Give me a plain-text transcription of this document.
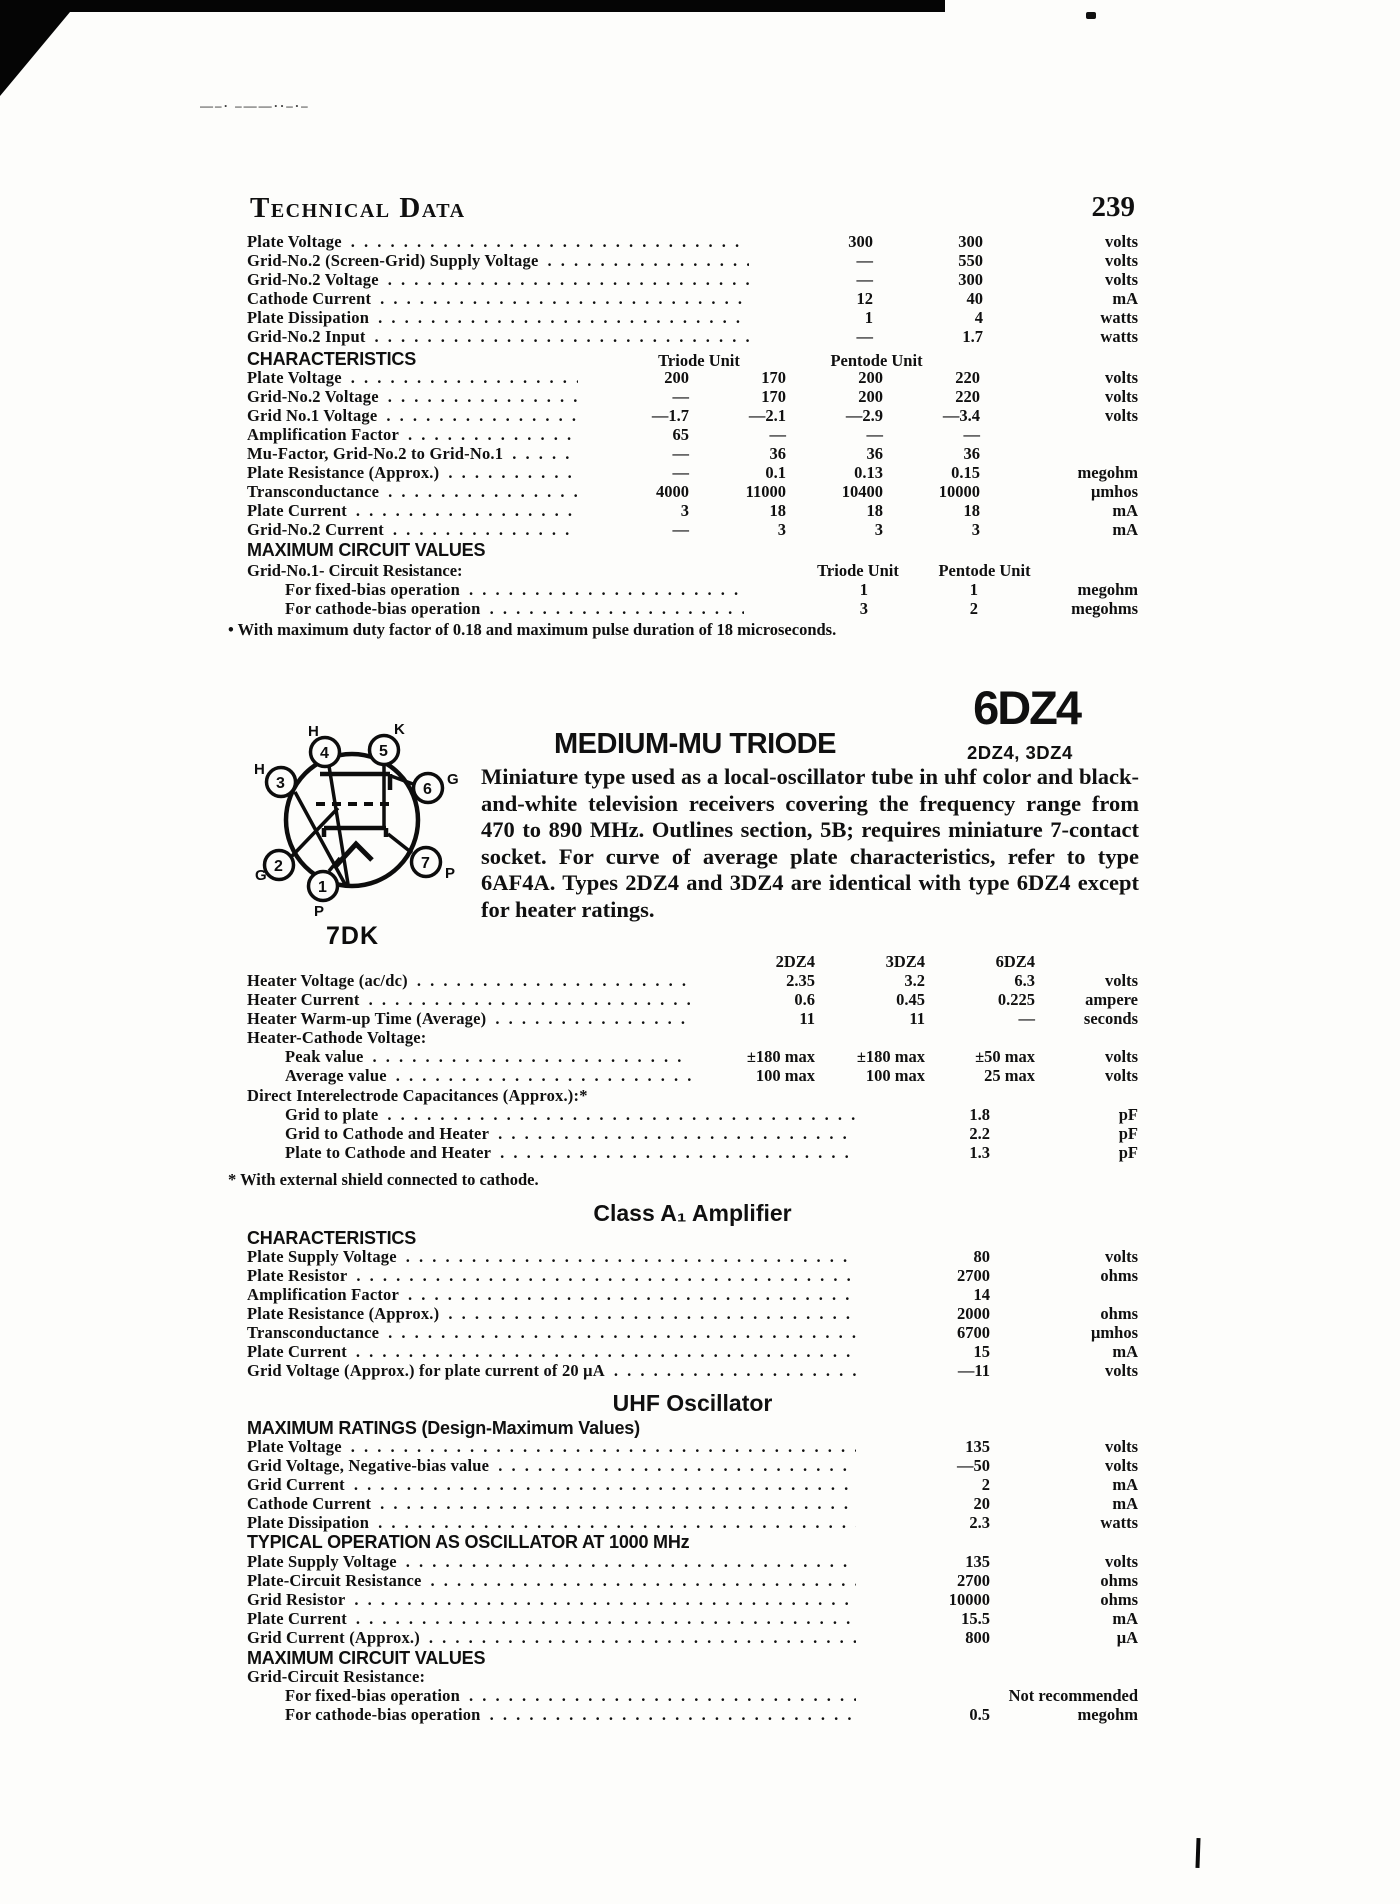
—–· –
Technical Data	239
Plate Voltage . . .	300	300	volts
Grid-No.2 (Screen-Grid) Supply Voltage . . .	—	550	volts
Grid-No.2 Voltage . . .	—	300	volts
Cathode Current . . .	12	40	mA
Plate Dissipation . . .	1	4	watts
Grid-No.2 Input . . .	—	1.7	watts
CHARACTERISTICS	Triode Unit	Pentode Unit
Plate Voltage . . .	200	170	200	220	volts
Grid-No.2 Voltage . . .	—	170	200	220	volts
Grid No.1 Voltage . . .	—1.7	—2.1	—2.9	—3.4	volts
Amplification Factor . . .	65	—	—	—
Mu-Factor, Grid-No.2 to Grid-No.1 . . .	—	36	36	36
Plate Resistance (Approx.) . . .	—	0.1	0.13	0.15	megohm
Transconductance . . .	4000	11000	10400	10000	μmhos
Plate Current . . .	3	18	18	18	mA
Grid-No.2 Current . . .	—	3	3	3	mA
MAXIMUM CIRCUIT VALUES
Grid-No.1- Circuit Resistance:	Triode Unit	Pentode Unit
For fixed-bias operation . . .	1	1	megohm
For cathode-bias operation . . .	3	2	megohms
• With maximum duty factor of 0.18 and maximum pulse duration of 18 microseconds.
6DZ4
MEDIUM-MU TRIODE	2DZ4, 3DZ4
Miniature type used as a local-oscillator tube in uhf color and black-and-white television receivers covering the frequency range from 470 to 890 MHz. Outlines section, 5B; requires miniature 7-contact socket. For curve of average plate characteristics, refer to type 6AF4A. Types 2DZ4 and 3DZ4 are identical with type 6DZ4 except for heater ratings.
4	5
3	6
2	7
1
H	K
H
G
G	P
P
7DK
2DZ4	3DZ4	6DZ4
Heater Voltage (ac/dc) . . .	2.35	3.2	6.3	volts
Heater Current . . .	0.6	0.45	0.225	ampere
Heater Warm-up Time (Average) . . .	11	11	—	seconds
Heater-Cathode Voltage:
Peak value . . .	±180 max	±180 max	±50 max	volts
Average value . . .	100 max	100 max	25 max	volts
Direct Interelectrode Capacitances (Approx.):*
Grid to plate . . .	1.8	pF
Grid to Cathode and Heater . . .	2.2	pF
Plate to Cathode and Heater . . .	1.3	pF
* With external shield connected to cathode.
Class A₁ Amplifier
CHARACTERISTICS
Plate Supply Voltage . . .	80	volts
Plate Resistor . . .	2700	ohms
Amplification Factor . . .	14
Plate Resistance (Approx.) . . .	2000	ohms
Transconductance . . .	6700	μmhos
Plate Current . . .	15	mA
Grid Voltage (Approx.) for plate current of 20 μA . . .	—11	volts
UHF Oscillator
MAXIMUM RATINGS (Design-Maximum Values)
Plate Voltage . . .	135	volts
Grid Voltage, Negative-bias value . . .	—50	volts
Grid Current . . .	2	mA
Cathode Current . . .	20	mA
Plate Dissipation . . .	2.3	watts
TYPICAL OPERATION AS OSCILLATOR AT 1000 MHz
Plate Supply Voltage . . .	135	volts
Plate-Circuit Resistance . . .	2700	ohms
Grid Resistor . . .	10000	ohms
Plate Current . . .	15.5	mA
Grid Current (Approx.) . . .	800	μA
MAXIMUM CIRCUIT VALUES
Grid-Circuit Resistance:
For fixed-bias operation . . .	Not recommended
For cathode-bias operation . . .	0.5	megohm
